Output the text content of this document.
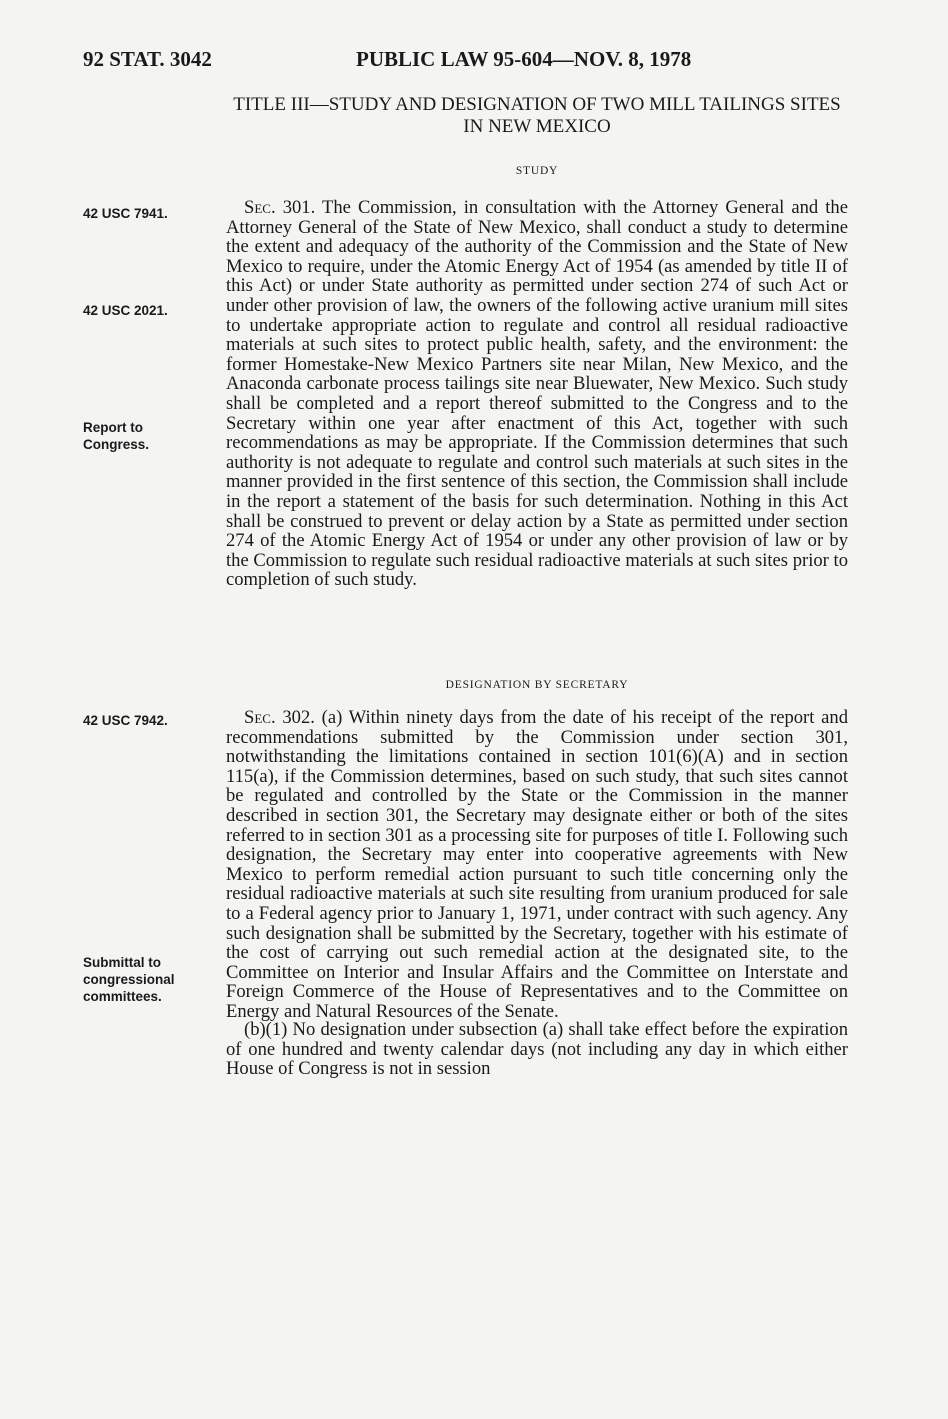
92 STAT. 3042	PUBLIC LAW 95-604—NOV. 8, 1978
TITLE III—STUDY AND DESIGNATION OF TWO MILL TAILINGS SITES IN NEW MEXICO
STUDY
42 USC 7941.
42 USC 2021.
Report to Congress.

Sec. 301. The Commission, in consultation with the Attorney General and the Attorney General of the State of New Mexico, shall conduct a study to determine the extent and adequacy of the authority of the Commission and the State of New Mexico to require, under the Atomic Energy Act of 1954 (as amended by title II of this Act) or under State authority as permitted under section 274 of such Act or under other provision of law, the owners of the following active uranium mill sites to undertake appropriate action to regulate and control all residual radioactive materials at such sites to protect public health, safety, and the environment: the former Homestake-New Mexico Partners site near Milan, New Mexico, and the Anaconda carbonate process tailings site near Bluewater, New Mexico. Such study shall be completed and a report thereof submitted to the Congress and to the Secretary within one year after enactment of this Act, together with such recommendations as may be appropriate. If the Commission determines that such authority is not adequate to regulate and control such materials at such sites in the manner provided in the first sentence of this section, the Commission shall include in the report a statement of the basis for such determination. Nothing in this Act shall be construed to prevent or delay action by a State as permitted under section 274 of the Atomic Energy Act of 1954 or under any other provision of law or by the Commission to regulate such residual radioactive materials at such sites prior to completion of such study.

DESIGNATION BY SECRETARY
42 USC 7942.
Submittal to congressional committees.

Sec. 302. (a) Within ninety days from the date of his receipt of the report and recommendations submitted by the Commission under section 301, notwithstanding the limitations contained in section 101(6)(A) and in section 115(a), if the Commission determines, based on such study, that such sites cannot be regulated and controlled by the State or the Commission in the manner described in section 301, the Secretary may designate either or both of the sites referred to in section 301 as a processing site for purposes of title I. Following such designation, the Secretary may enter into cooperative agreements with New Mexico to perform remedial action pursuant to such title concerning only the residual radioactive materials at such site resulting from uranium produced for sale to a Federal agency prior to January 1, 1971, under contract with such agency. Any such designation shall be submitted by the Secretary, together with his estimate of the cost of carrying out such remedial action at the designated site, to the Committee on Interior and Insular Affairs and the Committee on Interstate and Foreign Commerce of the House of Representatives and to the Committee on Energy and Natural Resources of the Senate.

(b)(1) No designation under subsection (a) shall take effect before the expiration of one hundred and twenty calendar days (not including any day in which either House of Congress is not in session
